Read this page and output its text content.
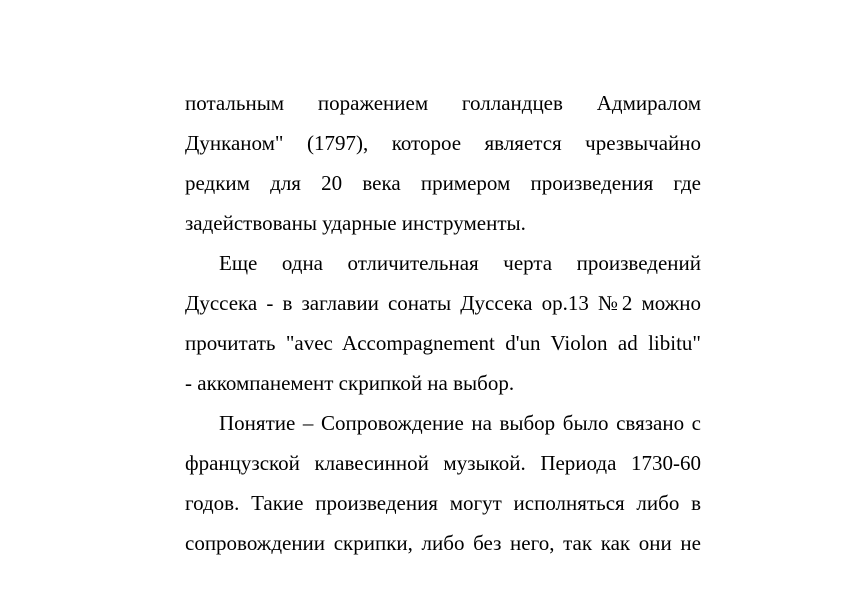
потальным поражением голландцев Адмиралом
Дунканом" (1797), которое является чрезвычайно
редким для 20 века примером произведения где
задействованы ударные инструменты.

Еще одна отличительная черта произведений
Дуссека - в заглавии сонаты Дуссека op.13 №2 можно
прочитать "avec Accompagnement d'un Violon ad libitu"
- аккомпанемент скрипкой на выбор.

Понятие – Сопровождение на выбор было связано с
французской клавесинной музыкой. Периода 1730-60
годов. Такие произведения могут исполняться либо в
сопровождении скрипки, либо без него, так как они не
